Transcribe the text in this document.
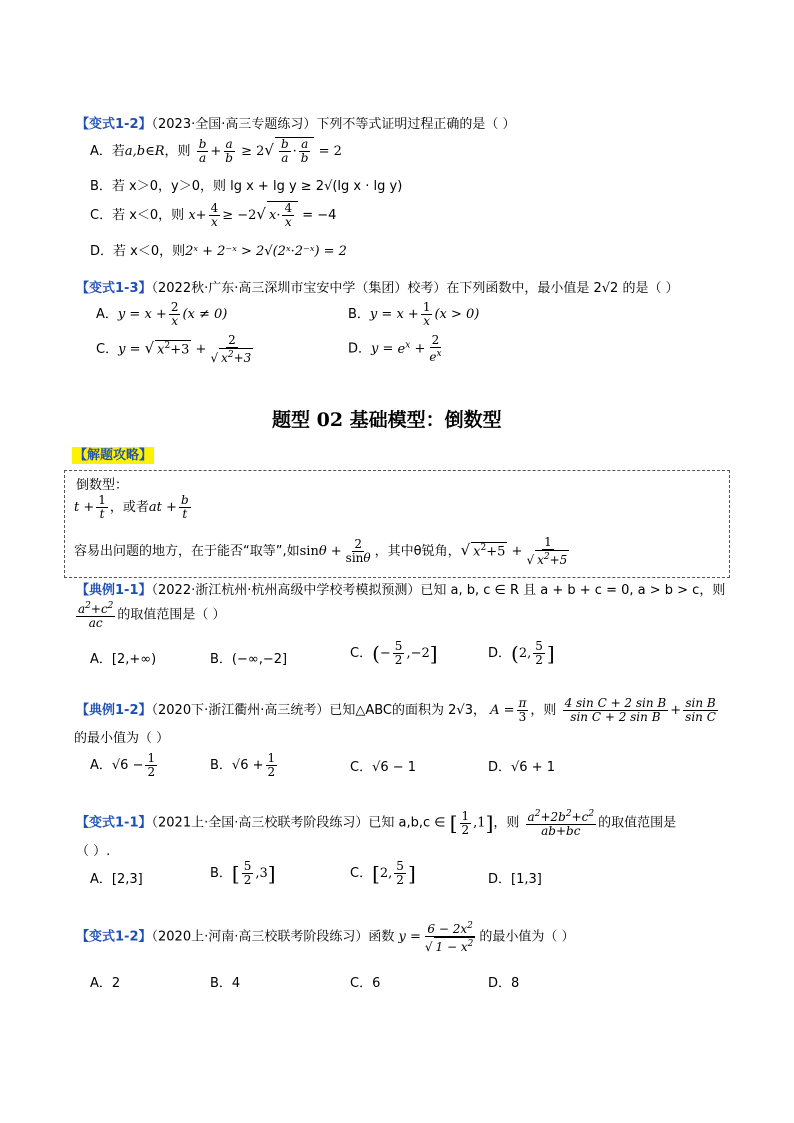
【变式1-2】（2023·全国·高三专题练习）下列不等式证明过程正确的是（ ）
A．若a,b∈R，则 $\frac{b}{a} + \frac{a}{b} \ge 2√ \frac{b}{a} \cdot \frac{a}{b} = 2$
B．若 x＞0，y＞0，则 lg x + lg y ≥ 2√(lg x · lg y)
C．若 x＜0，则 $x+ \frac{4}{x} \ge -2√$ $x\cdot \frac{4}{x} = -4$
D．若 x＜0，则2ˣ + 2⁻ˣ > 2√(2ˣ·2⁻ˣ) = 2
【变式1-3】（2022秋·广东·高三深圳市宝安中学（集团）校考）在下列函数中，最小值是 2√2 的是（ ）
A．$y = x + \frac{2}{x} (x \ne 0)$	B．$y = x + \frac{1}{x} (x > 0)$
C．y = √ $x^2+3 + \frac{2}{√ x^2+3}$	D．$y = e^x + \frac{2}{e^x}$
题型 02 基础模型：倒数型
【解题攻略】
倒数型：
$t + \frac{1}{t}$ ，或者at + $\frac{b}{t}$
容易出问题的地方，在于能否“取等”,如$\sin\theta + \frac{2}{\sin\theta}$ ，其中θ锐角，√ $x^2+5 + \frac{1}{√ x^2+5}$
【典例1-1】（2022·浙江杭州·杭州高级中学校考模拟预测）已知 a, b, c ∈ R 且 a + b + c = 0, a > b > c，则
$\frac{a^2+c^2}{ac}$ 的取值范围是（ ）
A．[2,+∞)	B．(−∞,−2]	C．(− $\frac{5}{2} ,-2$]	D．(2, $\frac{5}{2}$ ]
【典例1-2】（2020下·浙江衢州·高三统考）已知△ABC的面积为 2√3， $A = \frac{\pi}{3}$ ，则 $\frac{\text{4 sin C + 2 sin B}}{\text{sin C + 2 sin B}} + \frac{\text{sin B}}{\text{sin C}}$
的最小值为（ ）
A．$√6 - \frac{1}{2}$	B．$√6 + \frac{1}{2}$	C．√6 − 1	D．√6 + 1
【变式1-1】（2021上·全国·高三校联考阶段练习）已知 a,b,c ∈ [ $\frac{1}{2} ,1$]，则 $\frac{a^2+2b^2+c^2}{ab+bc}$ 的取值范围是
（ ）.
A．[2,3]	B．[ $\frac{5}{2} ,3$]	C．[2, $\frac{5}{2}$ ]	D．[1,3]
【变式1-2】（2020上·河南·高三校联考阶段练习）函数 $y = \frac{6 - 2x^2}{√ 1 - x^2}$ 的最小值为（ ）
A．2	B．4	C．6	D．8
